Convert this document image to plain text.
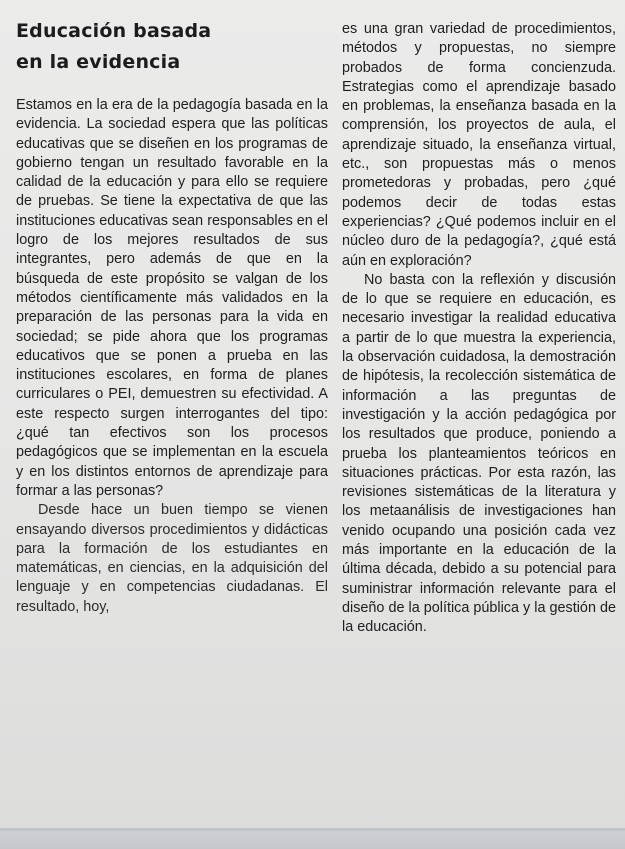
Educación basada
en la evidencia

Estamos en la era de la pedagogía basada en la evidencia. La sociedad espera que las políticas educativas que se diseñen en los programas de gobierno tengan un resultado favorable en la calidad de la educación y para ello se requiere de pruebas. Se tiene la expectativa de que las instituciones educativas sean responsables en el logro de los mejores resultados de sus integrantes, pero además de que en la búsqueda de este propósito se valgan de los métodos científicamente más validados en la preparación de las personas para la vida en sociedad; se pide ahora que los programas educativos que se ponen a prueba en las instituciones escolares, en forma de planes curriculares o PEI, demuestren su efectividad. A este respecto surgen interrogantes del tipo: ¿qué tan efectivos son los procesos pedagógicos que se implementan en la escuela y en los distintos entornos de aprendizaje para formar a las personas?

Desde hace un buen tiempo se vienen ensayando diversos procedimientos y didácticas para la formación de los estudiantes en matemáticas, en ciencias, en la adquisición del lenguaje y en competencias ciudadanas. El resultado, hoy,

es una gran variedad de procedimientos, métodos y propuestas, no siempre probados de forma concienzuda. Estrategias como el aprendizaje basado en problemas, la enseñanza basada en la comprensión, los proyectos de aula, el aprendizaje situado, la enseñanza virtual, etc., son propuestas más o menos prometedoras y probadas, pero ¿qué podemos decir de todas estas experiencias? ¿Qué podemos incluir en el núcleo duro de la pedagogía?, ¿qué está aún en exploración?

No basta con la reflexión y discusión de lo que se requiere en educación, es necesario investigar la realidad educativa a partir de lo que muestra la experiencia, la observación cuidadosa, la demostración de hipótesis, la recolección sistemática de información a las preguntas de investigación y la acción pedagógica por los resultados que produce, poniendo a prueba los planteamientos teóricos en situaciones prácticas. Por esta razón, las revisiones sistemáticas de la literatura y los metaanálisis de investigaciones han venido ocupando una posición cada vez más importante en la educación de la última década, debido a su potencial para suministrar información relevante para el diseño de la política pública y la gestión de la educación.
